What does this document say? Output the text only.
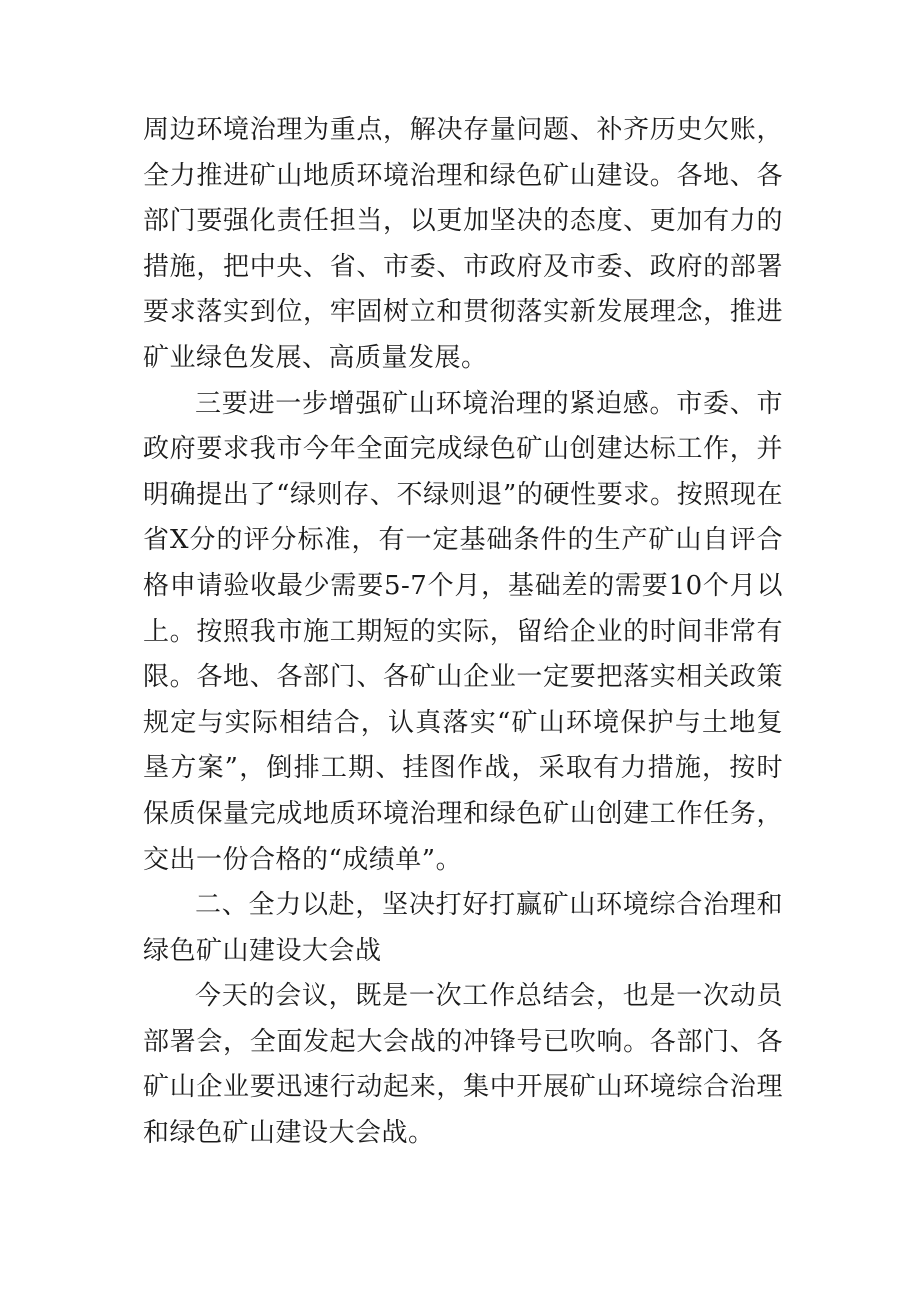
周边环境治理为重点，解决存量问题、补齐历史欠账，全力推进矿山地质环境治理和绿色矿山建设。各地、各部门要强化责任担当，以更加坚决的态度、更加有力的措施，把中央、省、市委、市政府及市委、政府的部署要求落实到位，牢固树立和贯彻落实新发展理念，推进矿业绿色发展、高质量发展。

三要进一步增强矿山环境治理的紧迫感。市委、市政府要求我市今年全面完成绿色矿山创建达标工作，并明确提出了“绿则存、不绿则退”的硬性要求。按照现在省X分的评分标准，有一定基础条件的生产矿山自评合格申请验收最少需要5-7个月，基础差的需要10个月以上。按照我市施工期短的实际，留给企业的时间非常有限。各地、各部门、各矿山企业一定要把落实相关政策规定与实际相结合，认真落实“矿山环境保护与土地复垦方案”，倒排工期、挂图作战，采取有力措施，按时保质保量完成地质环境治理和绿色矿山创建工作任务，交出一份合格的“成绩单”。

二、全力以赴，坚决打好打赢矿山环境综合治理和绿色矿山建设大会战

今天的会议，既是一次工作总结会，也是一次动员部署会，全面发起大会战的冲锋号已吹响。各部门、各矿山企业要迅速行动起来，集中开展矿山环境综合治理和绿色矿山建设大会战。
